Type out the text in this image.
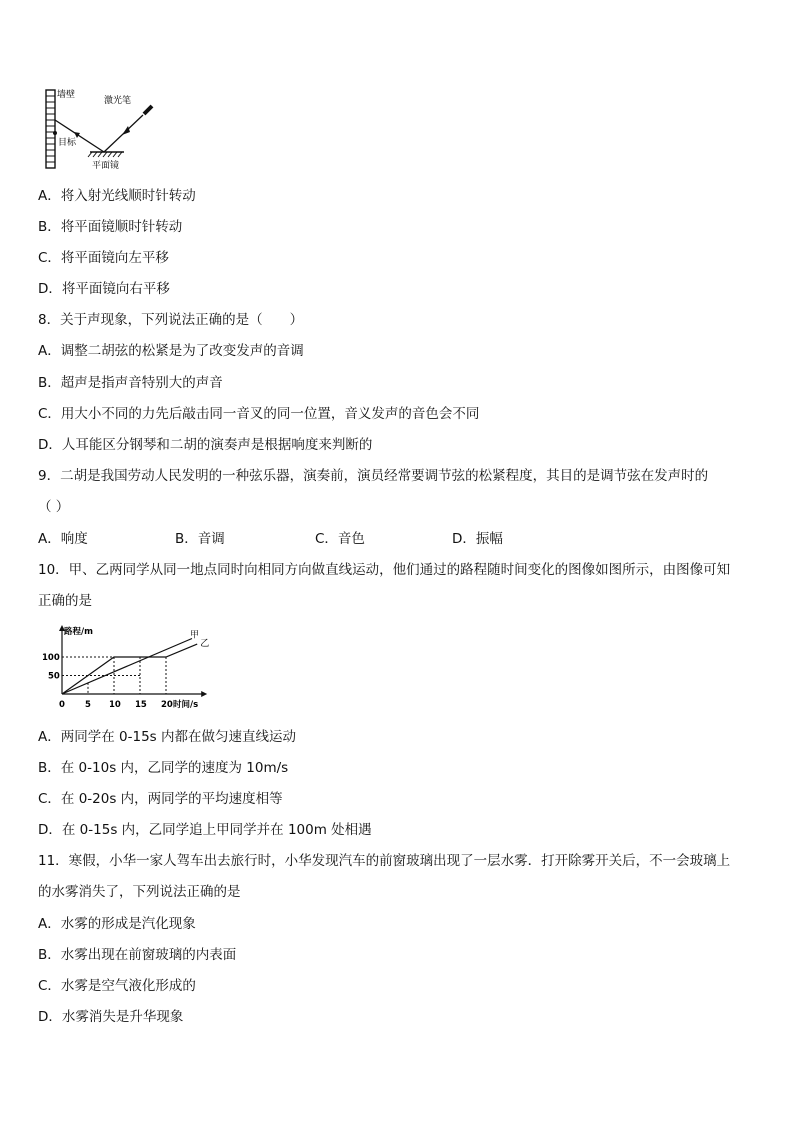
墙壁
激光笔
目标
平面镜
A．将入射光线顺时针转动
B．将平面镜顺时针转动
C．将平面镜向左平移
D．将平面镜向右平移
8．关于声现象，下列说法正确的是（　　）
A．调整二胡弦的松紧是为了改变发声的音调
B．超声是指声音特别大的声音
C．用大小不同的力先后敲击同一音叉的同一位置，音义发声的音色会不同
D．人耳能区分钢琴和二胡的演奏声是根据响度来判断的
9．二胡是我国劳动人民发明的一种弦乐器，演奏前，演员经常要调节弦的松紧程度，其目的是调节弦在发声时的
（ ）
A．响度	B．音调	C．音色	D．振幅
10．甲、乙两同学从同一地点同时向相同方向做直线运动，他们通过的路程随时间变化的图像如图所示，由图像可知
正确的是
路程/m
时间/s
0 5 10 15 20
50
100
甲
乙
A．两同学在 0-15s 内都在做匀速直线运动
B．在 0-10s 内，乙同学的速度为 10m/s
C．在 0-20s 内，两同学的平均速度相等
D．在 0-15s 内，乙同学追上甲同学并在 100m 处相遇
11．寒假，小华一家人驾车出去旅行时，小华发现汽车的前窗玻璃出现了一层水雾．打开除雾开关后，不一会玻璃上
的水雾消失了，下列说法正确的是
A．水雾的形成是汽化现象
B．水雾出现在前窗玻璃的内表面
C．水雾是空气液化形成的
D．水雾消失是升华现象
